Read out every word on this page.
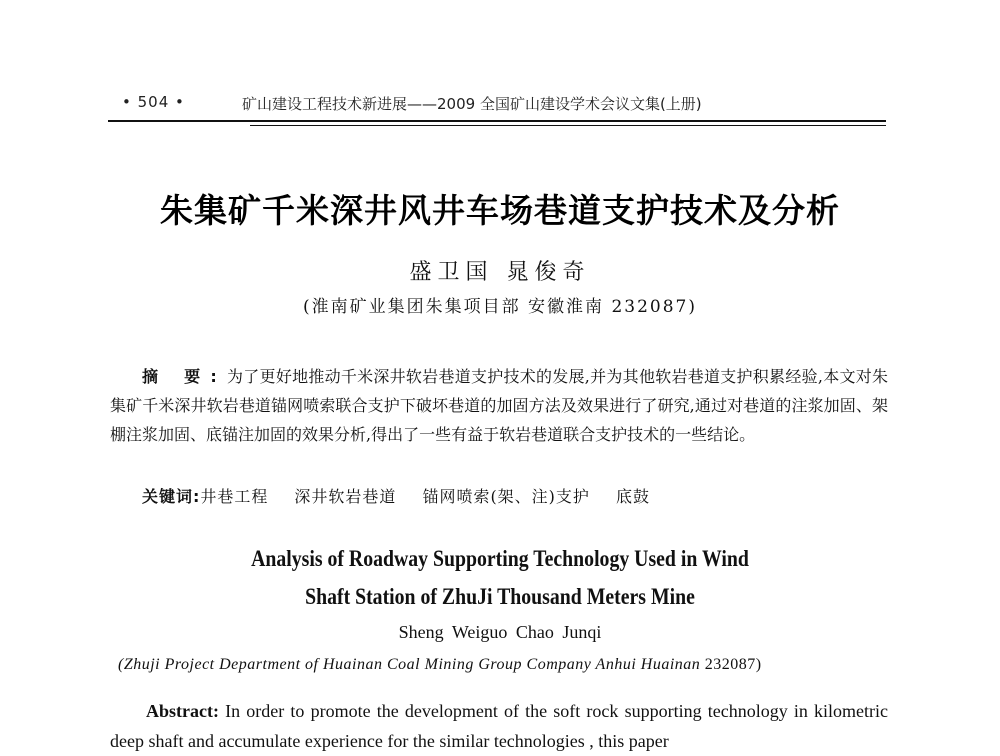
• 504 •	矿山建设工程技术新进展——2009 全国矿山建设学术会议文集(上册)
朱集矿千米深井风井车场巷道支护技术及分析
盛卫国 晁俊奇
(淮南矿业集团朱集项目部 安徽淮南 232087)
摘 要:为了更好地推动千米深井软岩巷道支护技术的发展,并为其他软岩巷道支护积累经验,本文对朱集矿千米深井软岩巷道锚网喷索联合支护下破坏巷道的加固方法及效果进行了研究,通过对巷道的注浆加固、架棚注浆加固、底锚注加固的效果分析,得出了一些有益于软岩巷道联合支护技术的一些结论。
关键词:井巷工程 深井软岩巷道 锚网喷索(架、注)支护 底鼓
Analysis of Roadway Supporting Technology Used in Wind
Shaft Station of ZhuJi Thousand Meters Mine
Sheng Weiguo Chao Junqi
(Zhuji Project Department of Huainan Coal Mining Group Company Anhui Huainan 232087)
Abstract: In order to promote the development of the soft rock supporting technology in kilometric deep shaft and accumulate experience for the similar technologies , this paper
